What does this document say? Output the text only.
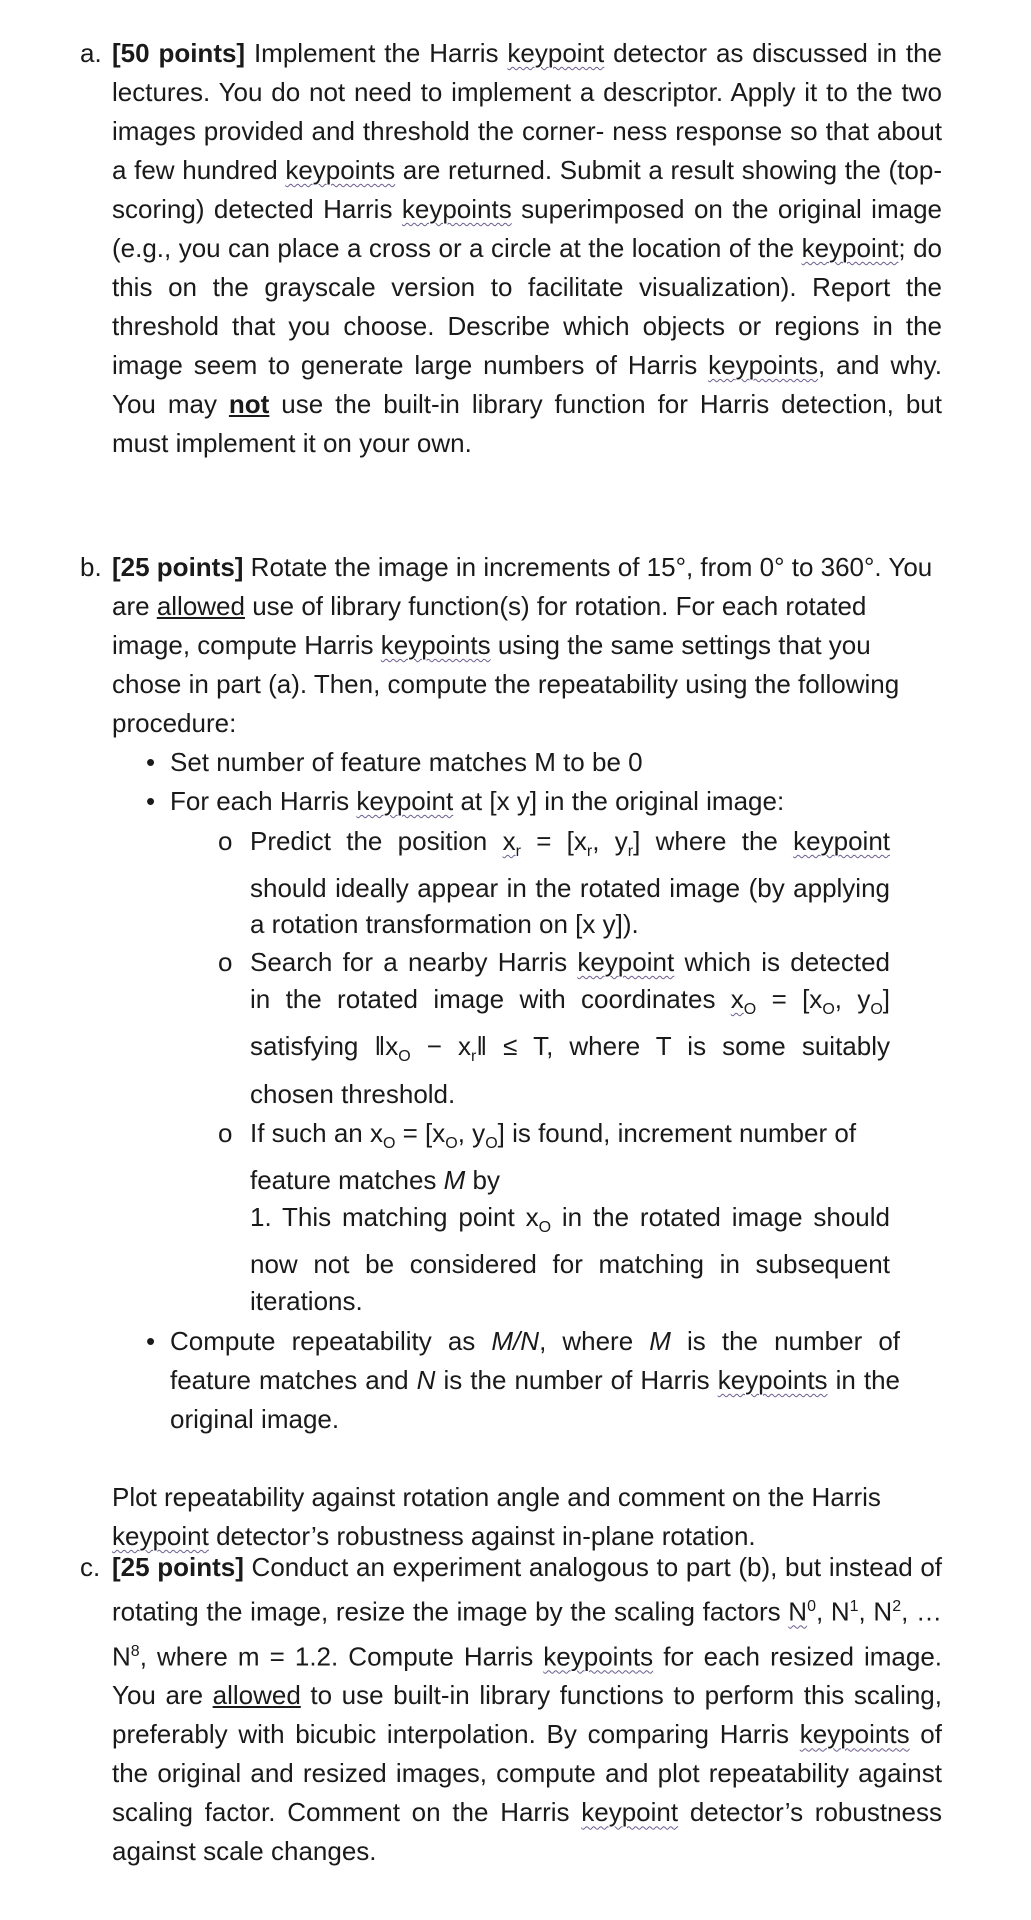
a. [50 points] Implement the Harris keypoint detector as discussed in the lectures. You do not need to implement a descriptor. Apply it to the two images provided and threshold the corner- ness response so that about a few hundred keypoints are returned. Submit a result showing the (top-scoring) detected Harris keypoints superimposed on the original image (e.g., you can place a cross or a circle at the location of the keypoint; do this on the grayscale version to facilitate visualization). Report the threshold that you choose. Describe which objects or regions in the image seem to generate large numbers of Harris keypoints, and why. You may not use the built-in library function for Harris detection, but must implement it on your own.

b. [25 points] Rotate the image in increments of 15°, from 0° to 360°. You are allowed use of library function(s) for rotation. For each rotated image, compute Harris keypoints using the same settings that you chose in part (a). Then, compute the repeatability using the following procedure:

• Set number of feature matches M to be 0
• For each Harris keypoint at [x y] in the original image:
o Predict the position $x_r = [x_r$, $y_r$] where the keypoint should ideally appear in the rotated image (by applying a rotation transformation on [x y]).
o Search for a nearby Harris keypoint which is detected in the rotated image with coordinates $x_O = [x_O$, $y_O$] satisfying $‖x_O$ − $x_r‖ \le T$, where T is some suitably chosen threshold.
o If such an $x_O = [x_O$, $y_O$] is found, increment number of feature matches M by
1. This matching point $x_O$ in the rotated image should now not be considered for matching in subsequent iterations.
• Compute repeatability as M/N, where M is the number of feature matches and N is the number of Harris keypoints in the original image.

Plot repeatability against rotation angle and comment on the Harris keypoint detector’s robustness against in-plane rotation.

c. [25 points] Conduct an experiment analogous to part (b), but instead of rotating the image, resize the image by the scaling factors $N^0$, $N^1$, $N^2$, … $N^8$, where m = 1.2. Compute Harris keypoints for each resized image. You are allowed to use built-in library functions to perform this scaling, preferably with bicubic interpolation. By comparing Harris keypoints of the original and resized images, compute and plot repeatability against scaling factor. Comment on the Harris keypoint detector’s robustness against scale changes.
